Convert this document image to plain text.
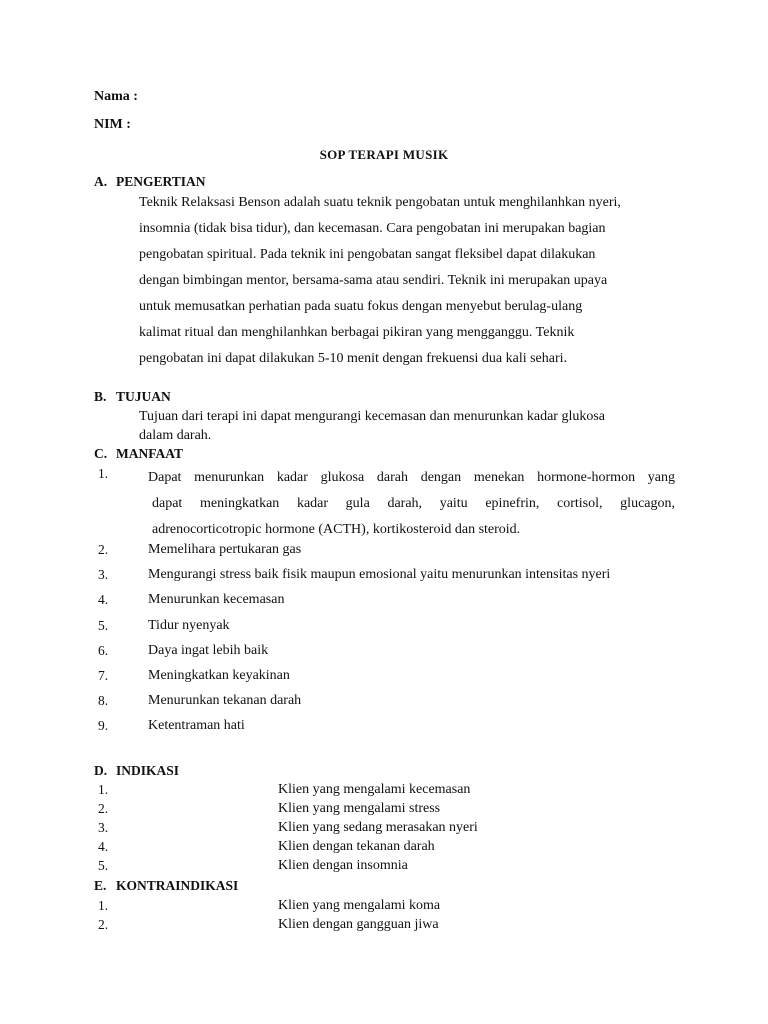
Nama :
NIM :
SOP TERAPI MUSIK
A. PENGERTIAN
Teknik Relaksasi Benson adalah suatu teknik pengobatan untuk menghilanhkan nyeri,
insomnia (tidak bisa tidur), dan kecemasan. Cara pengobatan ini merupakan bagian
pengobatan spiritual. Pada teknik ini pengobatan sangat fleksibel dapat dilakukan
dengan bimbingan mentor, bersama-sama atau sendiri. Teknik ini merupakan upaya
untuk memusatkan perhatian pada suatu fokus dengan menyebut berulag-ulang
kalimat ritual dan menghilanhkan berbagai pikiran yang mengganggu. Teknik
pengobatan ini dapat dilakukan 5-10 menit dengan frekuensi dua kali sehari.
B. TUJUAN
Tujuan dari terapi ini dapat mengurangi kecemasan dan menurunkan kadar glukosa
dalam darah.
C. MANFAAT
1.	Dapat menurunkan kadar glukosa darah dengan menekan hormone-hormon yang
dapat meningkatkan kadar gula darah, yaitu epinefrin, cortisol, glucagon,
adrenocorticotropic hormone (ACTH), kortikosteroid dan steroid.
2.	Memelihara pertukaran gas
3.	Mengurangi stress baik fisik maupun emosional yaitu menurunkan intensitas nyeri
4.	Menurunkan kecemasan
5.	Tidur nyenyak
6.	Daya ingat lebih baik
7.	Meningkatkan keyakinan
8.	Menurunkan tekanan darah
9.	Ketentraman hati
D. INDIKASI
1.	Klien yang mengalami kecemasan
2.	Klien yang mengalami stress
3.	Klien yang sedang merasakan nyeri
4.	Klien dengan tekanan darah
5.	Klien dengan insomnia
E. KONTRAINDIKASI
1.	Klien yang mengalami koma
2.	Klien dengan gangguan jiwa
